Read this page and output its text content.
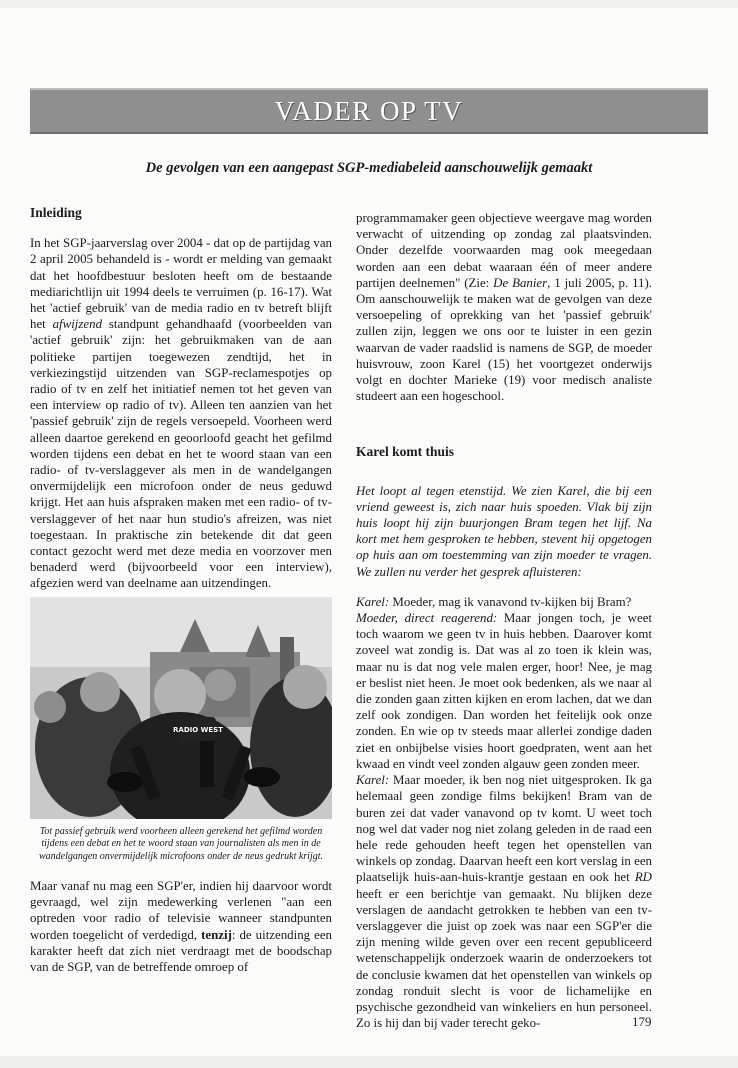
VADER OP TV
De gevolgen van een aangepast SGP-mediabeleid aanschouwelijk gemaakt
Inleiding

In het SGP-jaarverslag over 2004 - dat op de partijdag van 2 april 2005 behandeld is - wordt er melding van gemaakt dat het hoofdbestuur besloten heeft om de bestaande mediarichtlijn uit 1994 deels te verruimen (p. 16-17). Wat het 'actief gebruik' van de media radio en tv betreft blijft het afwijzend standpunt gehandhaafd (voorbeelden van 'actief gebruik' zijn: het gebruikmaken van de aan politieke partijen toegewezen zendtijd, het in verkiezingstijd uitzenden van SGP-reclamespotjes op radio of tv en zelf het initiatief nemen tot het geven van een interview op radio of tv). Alleen ten aanzien van het 'passief gebruik' zijn de regels versoepeld. Voorheen werd alleen daartoe gerekend en geoorloofd geacht het gefilmd worden tijdens een debat en het te woord staan van een radio- of tv-verslaggever als men in de wandelgangen onvermijdelijk een microfoon onder de neus geduwd krijgt. Het aan huis afspraken maken met een radio- of tv-verslaggever of het naar hun studio's afreizen, was niet toegestaan. In praktische zin betekende dit dat geen contact gezocht werd met deze media en voorzover men benaderd werd (bijvoorbeeld voor een interview), afgezien werd van deelname aan uitzendingen.

RADIO WEST
Tot passief gebruik werd voorheen alleen gerekend het gefilmd worden tijdens een debat en het te woord staan van journalisten als men in de wandelgangen onvermijdelijk microfoons onder de neus gedrukt krijgt.

Maar vanaf nu mag een SGP'er, indien hij daarvoor wordt gevraagd, wel zijn medewerking verlenen "aan een optreden voor radio of televisie wanneer standpunten worden toegelicht of verdedigd, tenzij: de uitzending een karakter heeft dat zich niet verdraagt met de boodschap van de SGP, van de betreffende omroep of

programmamaker geen objectieve weergave mag worden verwacht of uitzending op zondag zal plaatsvinden. Onder dezelfde voorwaarden mag ook meegedaan worden aan een debat waaraan één of meer andere partijen deelnemen" (Zie: De Banier, 1 juli 2005, p. 11). Om aanschouwelijk te maken wat de gevolgen van deze versoepeling of oprekking van het 'passief gebruik' zullen zijn, leggen we ons oor te luister in een gezin waarvan de vader raadslid is namens de SGP, de moeder huisvrouw, zoon Karel (15) het voortgezet onderwijs volgt en dochter Marieke (19) voor medisch analiste studeert aan een hogeschool.

Karel komt thuis

Het loopt al tegen etenstijd. We zien Karel, die bij een vriend geweest is, zich naar huis spoeden. Vlak bij zijn huis loopt hij zijn buurjongen Bram tegen het lijf. Na kort met hem gesproken te hebben, stevent hij opgetogen op huis aan om toestemming van zijn moeder te vragen. We zullen nu verder het gesprek afluisteren:

Karel: Moeder, mag ik vanavond tv-kijken bij Bram?

Moeder, direct reagerend: Maar jongen toch, je weet toch waarom we geen tv in huis hebben. Daarover komt zoveel wat zondig is. Dat was al zo toen ik klein was, maar nu is dat nog vele malen erger, hoor! Nee, je mag er beslist niet heen. Je moet ook bedenken, als we naar al die zonden gaan zitten kijken en erom lachen, dat we dan zelf ook zondigen. Dan worden het feitelijk ook onze zonden. En wie op tv steeds maar allerlei zondige daden ziet en onbijbelse visies hoort goedpraten, went aan het kwaad en vindt veel zonden algauw geen zonden meer.

Karel: Maar moeder, ik ben nog niet uitgesproken. Ik ga helemaal geen zondige films bekijken! Bram van de buren zei dat vader vanavond op tv komt. U weet toch nog wel dat vader nog niet zolang geleden in de raad een hele rede gehouden heeft tegen het openstellen van winkels op zondag. Daarvan heeft een kort verslag in een plaatselijk huis-aan-huis-krantje gestaan en ook het RD heeft er een berichtje van gemaakt. Nu blijken deze verslagen de aandacht getrokken te hebben van een tv-verslaggever die juist op zoek was naar een SGP'er die zijn mening wilde geven over een recent gepubliceerd wetenschappelijk onderzoek waarin de onderzoekers tot de conclusie kwamen dat het openstellen van winkels op zondag ronduit slecht is voor de lichamelijke en psychische gezondheid van winkeliers en hun personeel. Zo is hij dan bij vader terecht geko-	179
